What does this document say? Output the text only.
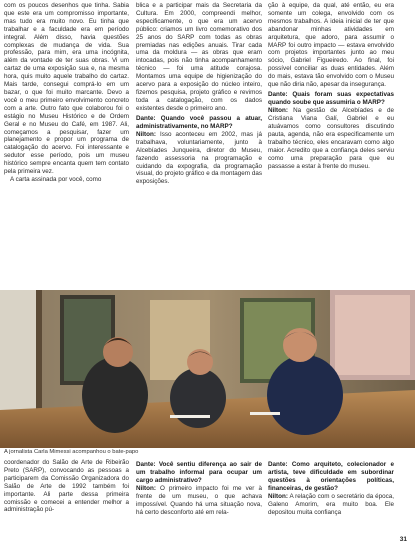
com os poucos desenhos que tinha. Sabia que este era um compromisso importante, mas tudo era muito novo. Eu tinha que trabalhar e a faculdade era em período integral. Além disso, havia questões complexas de mudança de vida. Sua professão, para mim, era uma incógnita, além da vontade de ter suas obras. Vi um cartaz de uma exposição sua e, na mesma hora, quis muito aquele trabalho do cartaz. Mais tarde, consegui comprá-lo em um bazar, o que foi muito marcante. Devo a você o meu primeiro envolvimento concreto com a arte. Outro fato que colaborou foi o estágio no Museu Histórico e de Ordem Geral e no Museu do Café, em 1987. Ali, começamos a pesquisar, fazer um planejamento e propor um programa de catalogação do acervo. Foi interessante e sedutor esse período, pois um museu histórico sempre encanta quem tem contato pela primeira vez.

A carta assinada por você, como

blica e a participar mais da Secretaria da Cultura. Em 2000, compreendi melhor, especificamente, o que era um acervo público: criamos um livro comemorativo dos 25 anos do SARP com todas as obras premiadas nas edições anuais. Tirar cada uma da moldura — as obras que eram intocadas, pois não tinha acompanhamento técnico — foi uma atitude corajosa. Montamos uma equipe de higienização do acervo para a exposição do núcleo inteiro, fizemos pesquisa, projeto gráfico e revimos toda a catalogação, com os dados existentes desde o primeiro ano.

Dante: Quando você passou a atuar, administrativamente, no MARP?

Nilton: Isso aconteceu em 2002, mas já trabalhava, voluntariamente, junto à Alcebíades Junqueira, diretor do Museu, fazendo assessoria na programação e cuidando da expografia, da programação visual, do projeto gráfico e da montagem das exposições.

ção à equipe, da qual, até então, eu era somente um colega, envolvido com os mesmos trabalhos. A ideia inicial de ter que abandonar minhas atividades em arquitetura, que adoro, para assumir o MARP foi outro impacto — estava envolvido com projetos importantes junto ao meu sócio, Gabriel Figueiredo. Ao final, foi possível conciliar as duas entidades. Além do mais, estava tão envolvido com o Museu que não diria não, apesar da insegurança.

Dante: Quais foram suas expectativas quando soube que assumiria o MARP?

Nilton: Na gestão de Alcebíades e de Cristiana Viana Galí, Gabriel e eu atuávamos como consultores discutindo pauta, agenda, não era especificamente um trabalho técnico, eles encaravam como algo maior. Acredito que a confiança deles serviu como uma preparação para que eu passasse a estar à frente do museu.

A jornalista Carla Mimessi acompanhou o bate-papo

coordenador do Salão de Arte de Ribeirão Preto (SARP), convocando as pessoas a participarem da Comissão Organizadora do Salão de Arte de 1992 também foi importante. Ali parte dessa primeira comissão e comecei a entender melhor a administração pú-

Dante: Você sentiu diferença ao sair de um trabalho informal para ocupar um cargo administrativo?

Nilton: O primeiro impacto foi me ver à frente de um museu, o que achava impossível. Quando há uma situação nova, há certo desconforto até em rela-

Dante: Como arquiteto, colecionador e artista, teve dificuldade em subordinar questões à orientações políticas, financeiras, de gestão?

Nilton: A relação com o secretário da época, Galeno Amorim, era muito boa. Ele depositou muita confiança

31
